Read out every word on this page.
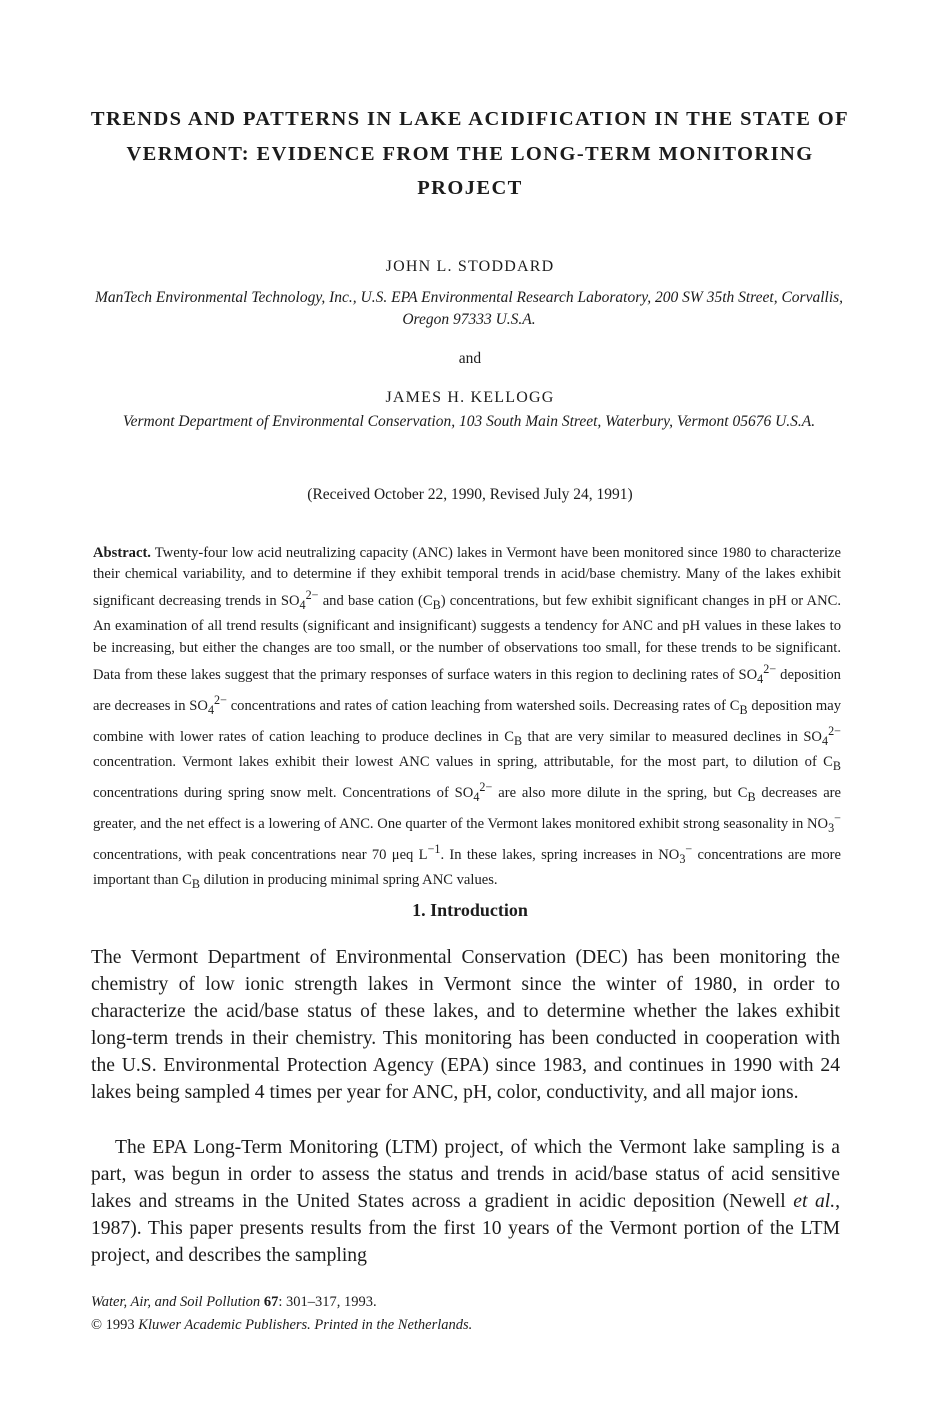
TRENDS AND PATTERNS IN LAKE ACIDIFICATION IN THE STATE OF VERMONT: EVIDENCE FROM THE LONG-TERM MONITORING PROJECT

JOHN L. STODDARD

ManTech Environmental Technology, Inc., U.S. EPA Environmental Research Laboratory, 200 SW 35th Street, Corvallis, Oregon 97333 U.S.A.

and

JAMES H. KELLOGG

Vermont Department of Environmental Conservation, 103 South Main Street, Waterbury, Vermont 05676 U.S.A.

(Received October 22, 1990, Revised July 24, 1991)

Abstract. Twenty-four low acid neutralizing capacity (ANC) lakes in Vermont have been monitored since 1980 to characterize their chemical variability, and to determine if they exhibit temporal trends in acid/base chemistry. Many of the lakes exhibit significant decreasing trends in $SO_4^{2-}$ and base cation $(C_B)$ concentrations, but few exhibit significant changes in pH or ANC. An examination of all trend results (significant and insignificant) suggests a tendency for ANC and pH values in these lakes to be increasing, but either the changes are too small, or the number of observations too small, for these trends to be significant. Data from these lakes suggest that the primary responses of surface waters in this region to declining rates of $SO_4^{2-}$ deposition are decreases in $SO_4^{2-}$ concentrations and rates of cation leaching from watershed soils. Decreasing rates of $C_B$ deposition may combine with lower rates of cation leaching to produce declines in $C_B$ that are very similar to measured declines in $SO_4^{2-}$ concentration. Vermont lakes exhibit their lowest ANC values in spring, attributable, for the most part, to dilution of $C_B$ concentrations during spring snow melt. Concentrations of $SO_4^{2-}$ are also more dilute in the spring, but $C_B$ decreases are greater, and the net effect is a lowering of ANC. One quarter of the Vermont lakes monitored exhibit strong seasonality in $NO_3^-$ concentrations, with peak concentrations near 70 μeq $L^{-1}$. In these lakes, spring increases in $NO_3^-$ concentrations are more important than $C_B$ dilution in producing minimal spring ANC values.

1. Introduction

The Vermont Department of Environmental Conservation (DEC) has been monitoring the chemistry of low ionic strength lakes in Vermont since the winter of 1980, in order to characterize the acid/base status of these lakes, and to determine whether the lakes exhibit long-term trends in their chemistry. This monitoring has been conducted in cooperation with the U.S. Environmental Protection Agency (EPA) since 1983, and continues in 1990 with 24 lakes being sampled 4 times per year for ANC, pH, color, conductivity, and all major ions.

The EPA Long-Term Monitoring (LTM) project, of which the Vermont lake sampling is a part, was begun in order to assess the status and trends in acid/base status of acid sensitive lakes and streams in the United States across a gradient in acidic deposition (Newell et al., 1987). This paper presents results from the first 10 years of the Vermont portion of the LTM project, and describes the sampling

Water, Air, and Soil Pollution 67: 301–317, 1993.

© 1993 Kluwer Academic Publishers. Printed in the Netherlands.
